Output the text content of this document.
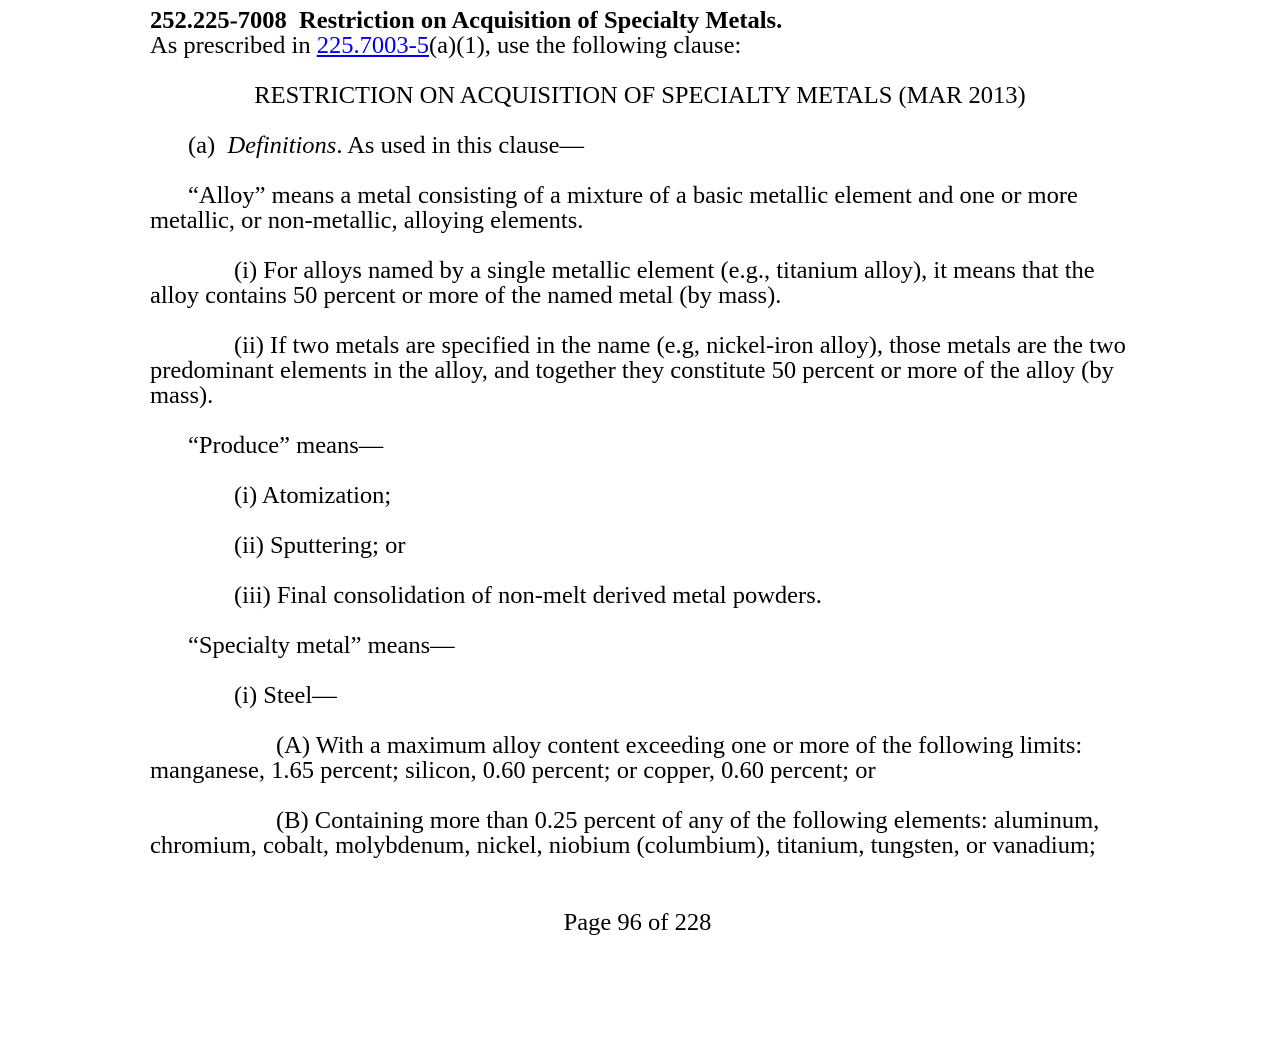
252.225-7008 Restriction on Acquisition of Specialty Metals.

As prescribed in 225.7003-5(a)(1), use the following clause:

RESTRICTION ON ACQUISITION OF SPECIALTY METALS (MAR 2013)

(a) Definitions. As used in this clause—

“Alloy” means a metal consisting of a mixture of a basic metallic element and one or more metallic, or non-metallic, alloying elements.

(i) For alloys named by a single metallic element (e.g., titanium alloy), it means that the alloy contains 50 percent or more of the named metal (by mass).

(ii) If two metals are specified in the name (e.g, nickel-iron alloy), those metals are the two predominant elements in the alloy, and together they constitute 50 percent or more of the alloy (by mass).

“Produce” means—

(i) Atomization;

(ii) Sputtering; or

(iii) Final consolidation of non-melt derived metal powders.

“Specialty metal” means—

(i) Steel—

(A) With a maximum alloy content exceeding one or more of the following limits: manganese, 1.65 percent; silicon, 0.60 percent; or copper, 0.60 percent; or

(B) Containing more than 0.25 percent of any of the following elements: aluminum, chromium, cobalt, molybdenum, nickel, niobium (columbium), titanium, tungsten, or vanadium;

Page 96 of 228
